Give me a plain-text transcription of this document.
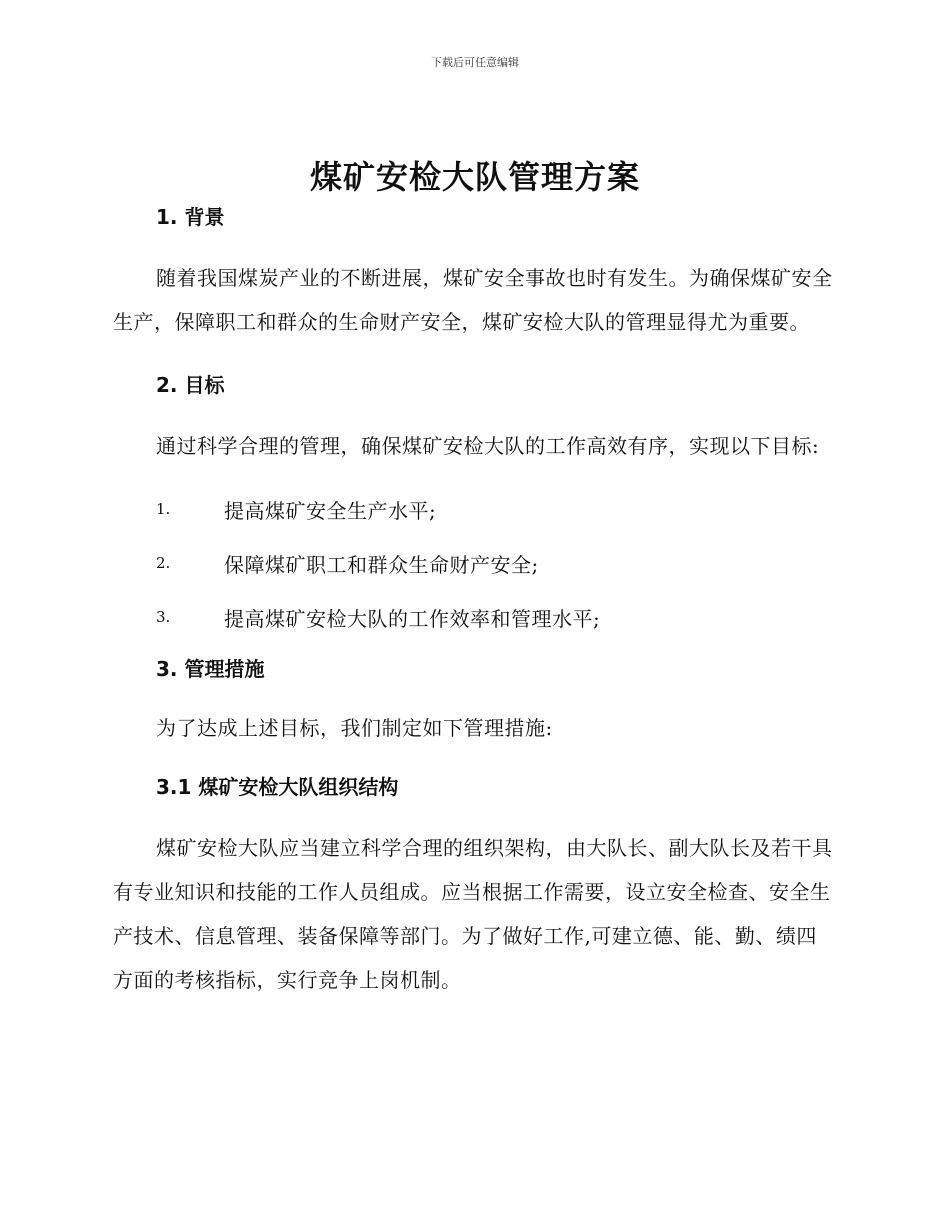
下载后可任意编辑
煤矿安检大队管理方案
1. 背景
随着我国煤炭产业的不断进展，煤矿安全事故也时有发生。为确保煤矿安全生产，保障职工和群众的生命财产安全，煤矿安检大队的管理显得尤为重要。
2. 目标
通过科学合理的管理，确保煤矿安检大队的工作高效有序，实现以下目标:
1.	提高煤矿安全生产水平;
2.	保障煤矿职工和群众生命财产安全;
3.	提高煤矿安检大队的工作效率和管理水平;
3. 管理措施
为了达成上述目标，我们制定如下管理措施:
3.1 煤矿安检大队组织结构
煤矿安检大队应当建立科学合理的组织架构，由大队长、副大队长及若干具有专业知识和技能的工作人员组成。应当根据工作需要，设立安全检查、安全生产技术、信息管理、装备保障等部门。为了做好工作,可建立德、能、勤、绩四方面的考核指标，实行竞争上岗机制。
